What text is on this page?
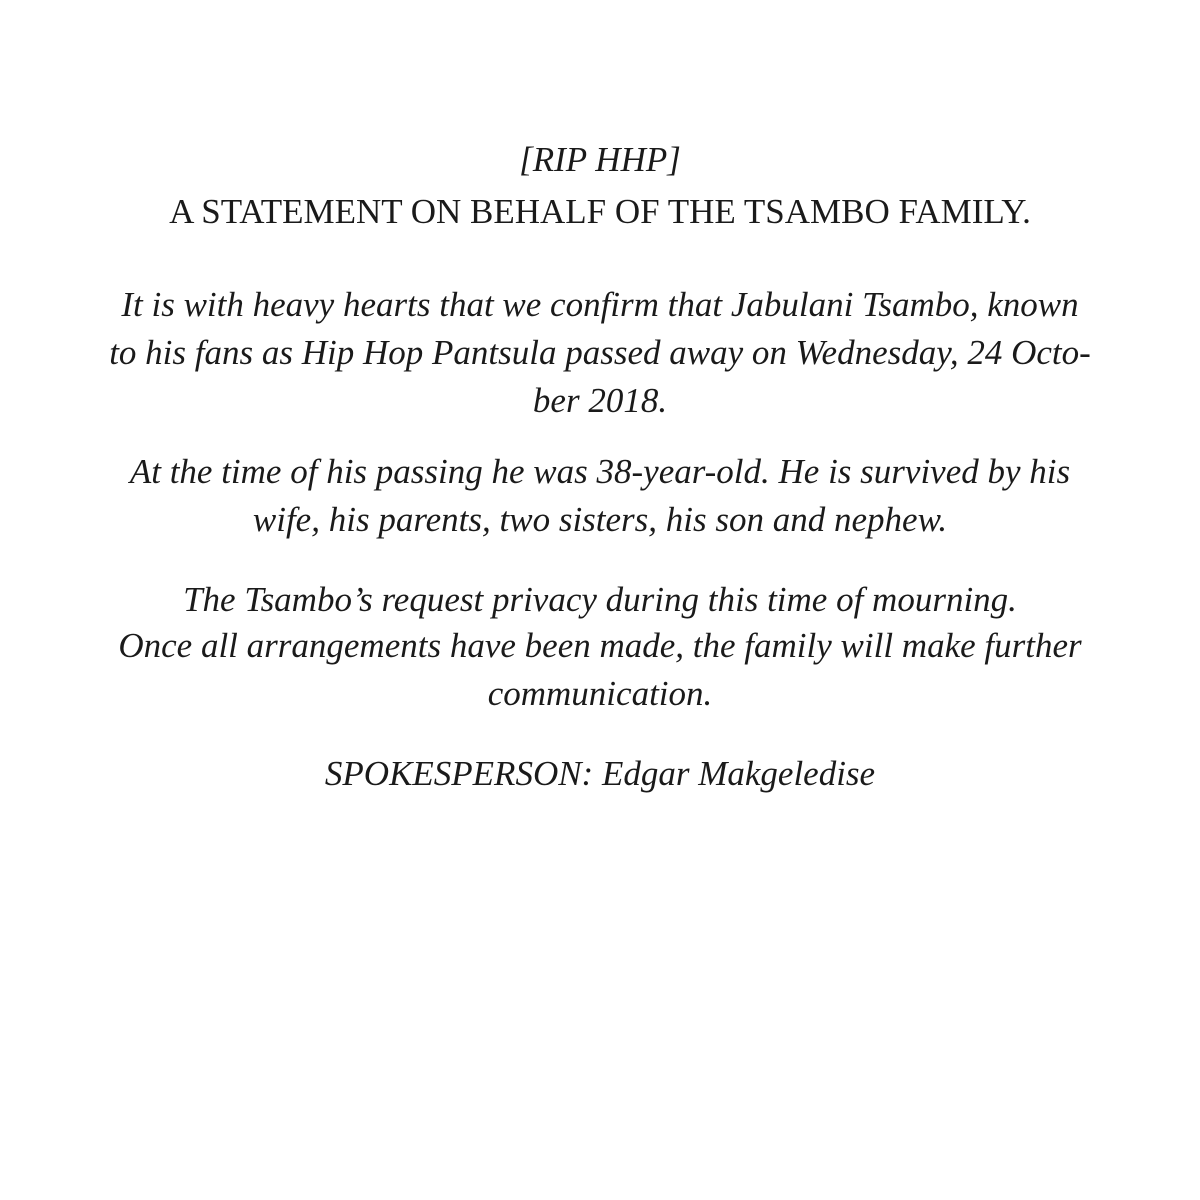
[RIP HHP]
A STATEMENT ON BEHALF OF THE TSAMBO FAMILY.
It is with heavy hearts that we confirm that Jabulani Tsambo, known
to his fans as Hip Hop Pantsula passed away on Wednesday, 24 Octo-
ber 2018.
At the time of his passing he was 38-year-old. He is survived by his
wife, his parents, two sisters, his son and nephew.
The Tsambo’s request privacy during this time of mourning.
Once all arrangements have been made, the family will make further
communication.
SPOKESPERSON: Edgar Makgeledise
